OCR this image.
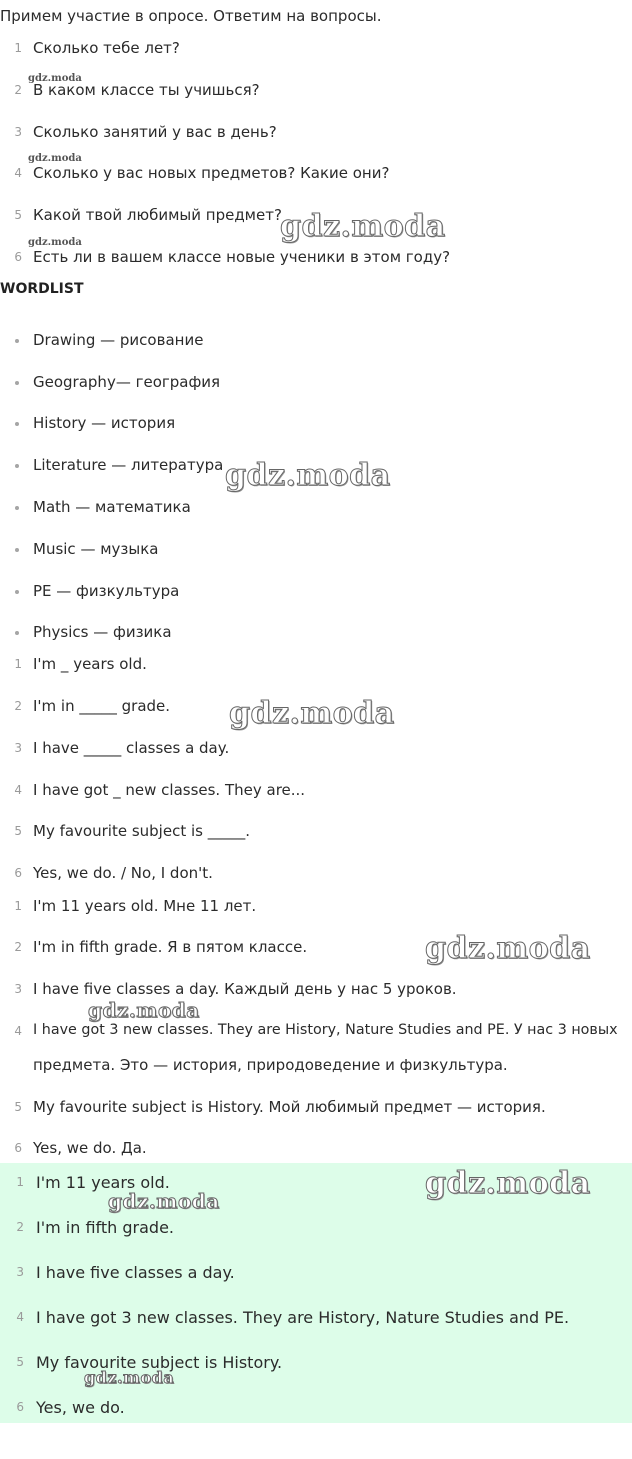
Примем участие в опросе. Ответим на вопросы.
1 Сколько тебе лет?
2 В каком классе ты учишься?
3 Сколько занятий у вас в день?
4 Сколько у вас новых предметов? Какие они?
5 Какой твой любимый предмет?
6 Есть ли в вашем классе новые ученики в этом году?
WORDLIST
Drawing — рисование
Geography— география
History — история
Literature — литература
Math — математика
Music — музыка
PE — физкультура
Physics — физика
1 I'm _ years old.
2 I'm in _____ grade.
3 I have _____ classes a day.
4 I have got _ new classes. They are...
5 My favourite subject is _____.
6 Yes, we do. / No, I don't.
1 I'm 11 years old. Мне 11 лет.
2 I'm in fifth grade. Я в пятом классе.
3 I have five classes a day. Каждый день у нас 5 уроков.
4 I have got 3 new classes. They are History, Nature Studies and PE. У нас 3 новых
предмета. Это — история, природоведение и физкультура.
5 My favourite subject is History. Мой любимый предмет — история.
6 Yes, we do. Да.
1 I'm 11 years old.
2 I'm in fifth grade.
3 I have five classes a day.
4 I have got 3 new classes. They are History, Nature Studies and PE.
5 My favourite subject is History.
6 Yes, we do.
gdz.moda
gdz.moda
gdz.moda	gdz.moda
gdz.moda
gdz.moda
gdz.moda
gdz.moda
gdz.moda
gdz.moda
gdz.moda
